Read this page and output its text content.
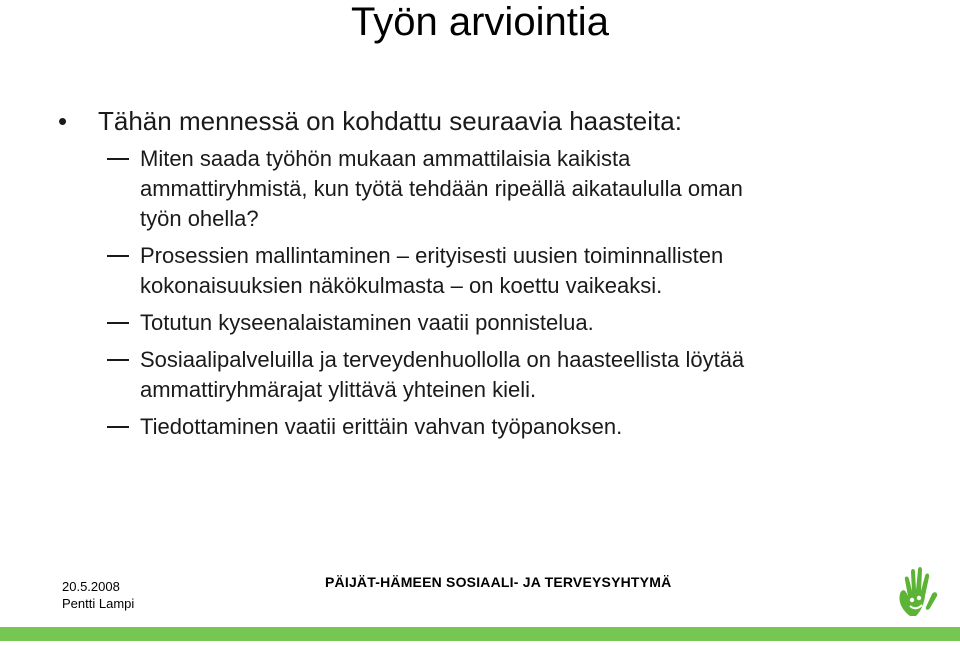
Työn arviointia
•	Tähän mennessä on kohdattu seuraavia haasteita:
Miten saada työhön mukaan ammattilaisia kaikista
ammattiryhmistä, kun työtä tehdään ripeällä aikataululla oman
työn ohella?
Prosessien mallintaminen – erityisesti uusien toiminnallisten
kokonaisuuksien näkökulmasta – on koettu vaikeaksi.
Totutun kyseenalaistaminen vaatii ponnistelua.
Sosiaalipalveluilla ja terveydenhuollolla on haasteellista löytää
ammattiryhmärajat ylittävä yhteinen kieli.
Tiedottaminen vaatii erittäin vahvan työpanoksen.
20.5.2008
Pentti Lampi
PÄIJÄT-HÄMEEN SOSIAALI- JA TERVEYSYHTYMÄ
